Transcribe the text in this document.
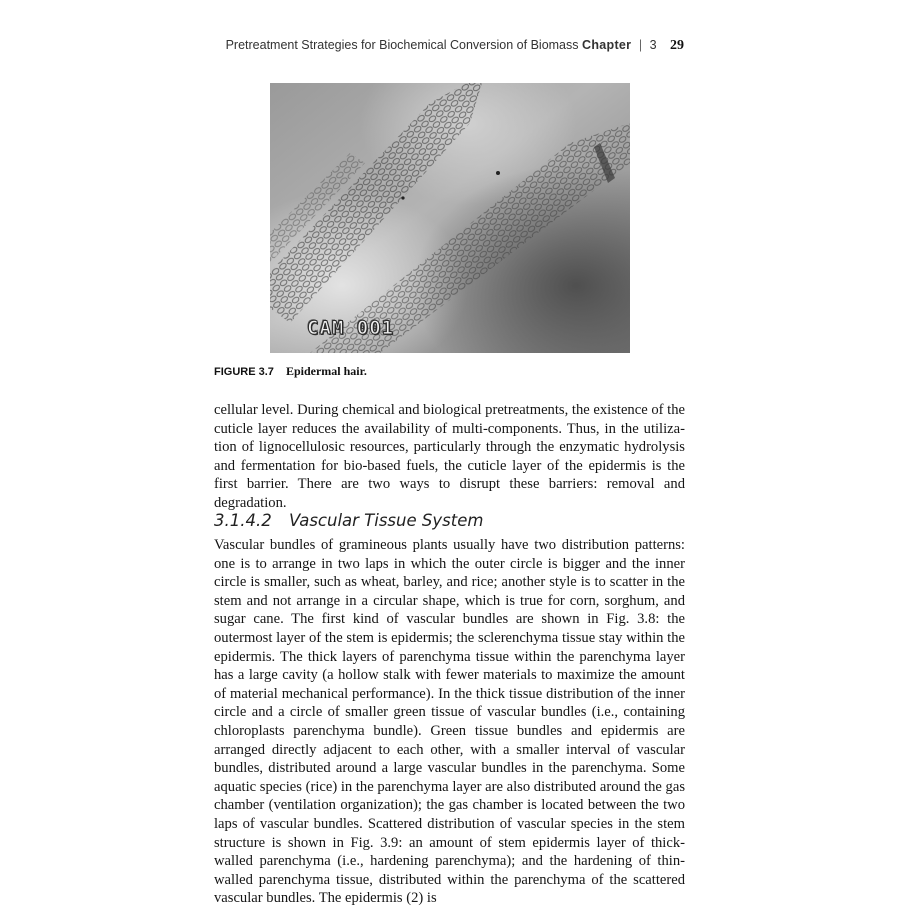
Pretreatment Strategies for Biochemical Conversion of Biomass Chapter | 3 29
CAM 001
FIGURE 3.7 Epidermal hair.

cellular level. During chemical and biological pretreatments, the existence of the cuticle layer reduces the availability of multi-components. Thus, in the utilization of lignocellulosic resources, particularly through the enzymatic hydrolysis and fermentation for bio-based fuels, the cuticle layer of the epidermis is the first barrier. There are two ways to disrupt these barriers: removal and degradation.

3.1.4.2 Vascular Tissue System

Vascular bundles of gramineous plants usually have two distribution patterns: one is to arrange in two laps in which the outer circle is bigger and the inner circle is smaller, such as wheat, barley, and rice; another style is to scatter in the stem and not arrange in a circular shape, which is true for corn, sorghum, and sugar cane. The first kind of vascular bundles are shown in Fig. 3.8: the outermost layer of the stem is epidermis; the sclerenchyma tissue stay within the epidermis. The thick layers of parenchyma tissue within the parenchyma layer has a large cavity (a hollow stalk with fewer materials to maximize the amount of material mechanical performance). In the thick tissue distribution of the inner circle and a circle of smaller green tissue of vascular bundles (i.e., containing chloroplasts parenchyma bundle). Green tissue bundles and epidermis are arranged directly adjacent to each other, with a smaller interval of vascular bundles, distributed around a large vascular bundles in the parenchyma. Some aquatic species (rice) in the parenchyma layer are also distributed around the gas chamber (ventilation organization); the gas chamber is located between the two laps of vascular bundles. Scattered distribution of vascular species in the stem structure is shown in Fig. 3.9: an amount of stem epidermis layer of thick-walled parenchyma (i.e., hardening parenchyma); and the hardening of thin-walled parenchyma tissue, distributed within the parenchyma of the scattered vascular bundles. The epidermis (2) is
